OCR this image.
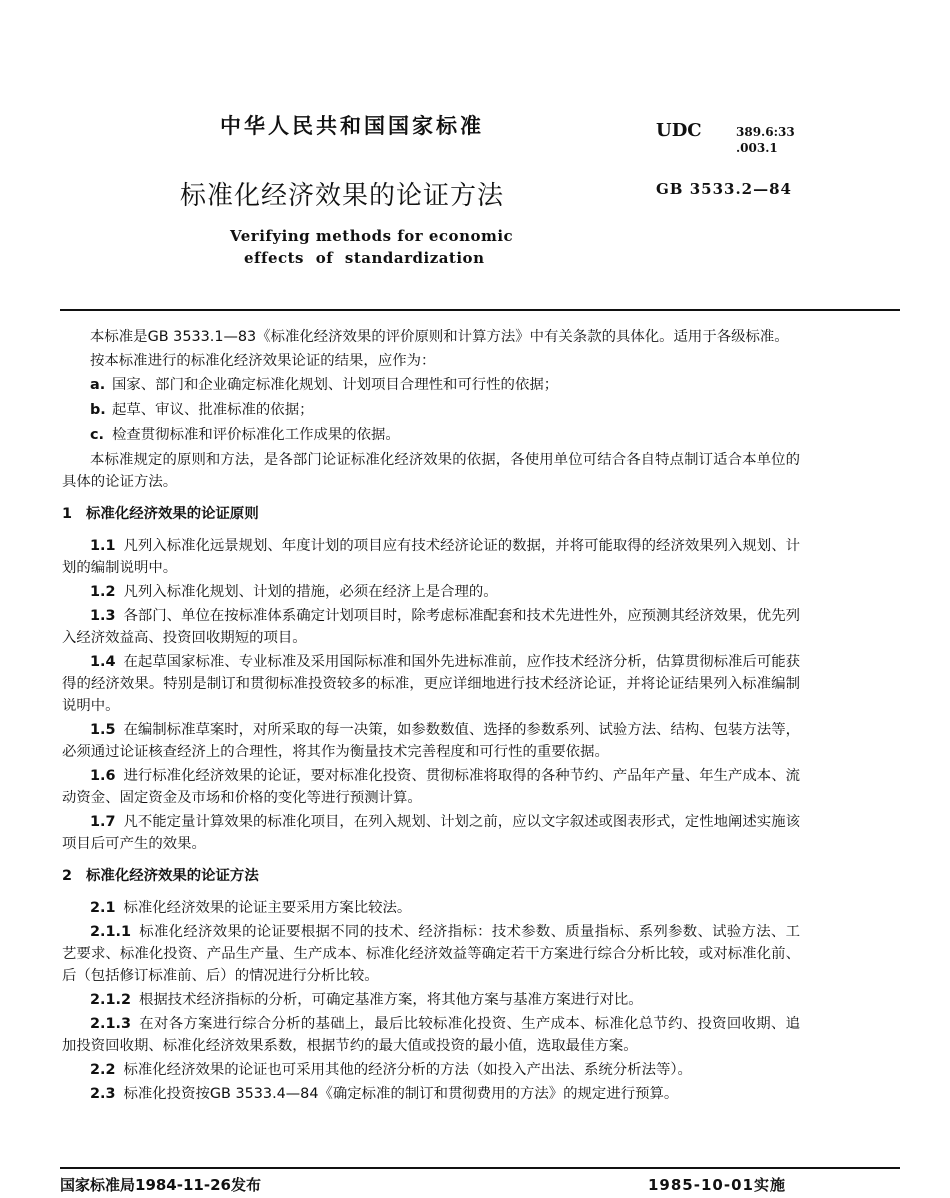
中华人民共和国国家标准	UDC	389.6:33
.003.1
标准化经济效果的论证方法	GB 3533.2—84
Verifying methods for economic
effects of standardization

本标准是GB 3533.1—83《标准化经济效果的评价原则和计算方法》中有关条款的具体化。适用于各级标准。

按本标准进行的标准化经济效果论证的结果，应作为：

a. 国家、部门和企业确定标准化规划、计划项目合理性和可行性的依据；

b. 起草、审议、批准标准的依据；

c. 检查贯彻标准和评价标准化工作成果的依据。

本标准规定的原则和方法，是各部门论证标准化经济效果的依据，各使用单位可结合各自特点制订适合本单位的具体的论证方法。

1 标准化经济效果的论证原则

1.1 凡列入标准化远景规划、年度计划的项目应有技术经济论证的数据，并将可能取得的经济效果列入规划、计划的编制说明中。

1.2 凡列入标准化规划、计划的措施，必须在经济上是合理的。

1.3 各部门、单位在按标准体系确定计划项目时，除考虑标准配套和技术先进性外，应预测其经济效果，优先列入经济效益高、投资回收期短的项目。

1.4 在起草国家标准、专业标准及采用国际标准和国外先进标准前，应作技术经济分析，估算贯彻标准后可能获得的经济效果。特别是制订和贯彻标准投资较多的标准，更应详细地进行技术经济论证，并将论证结果列入标准编制说明中。

1.5 在编制标准草案时，对所采取的每一决策，如参数数值、选择的参数系列、试验方法、结构、包装方法等，必须通过论证核查经济上的合理性，将其作为衡量技术完善程度和可行性的重要依据。

1.6 进行标准化经济效果的论证，要对标准化投资、贯彻标准将取得的各种节约、产品年产量、年生产成本、流动资金、固定资金及市场和价格的变化等进行预测计算。

1.7 凡不能定量计算效果的标准化项目，在列入规划、计划之前，应以文字叙述或图表形式，定性地阐述实施该项目后可产生的效果。

2 标准化经济效果的论证方法

2.1 标准化经济效果的论证主要采用方案比较法。

2.1.1 标准化经济效果的论证要根据不同的技术、经济指标：技术参数、质量指标、系列参数、试验方法、工艺要求、标准化投资、产品生产量、生产成本、标准化经济效益等确定若干方案进行综合分析比较，或对标准化前、后（包括修订标准前、后）的情况进行分析比较。

2.1.2 根据技术经济指标的分析，可确定基准方案，将其他方案与基准方案进行对比。

2.1.3 在对各方案进行综合分析的基础上，最后比较标准化投资、生产成本、标准化总节约、投资回收期、追加投资回收期、标准化经济效果系数，根据节约的最大值或投资的最小值，选取最佳方案。

2.2 标准化经济效果的论证也可采用其他的经济分析的方法（如投入产出法、系统分析法等）。

2.3 标准化投资按GB 3533.4—84《确定标准的制订和贯彻费用的方法》的规定进行预算。

国家标准局1984-11-26发布	1985-10-01实施
